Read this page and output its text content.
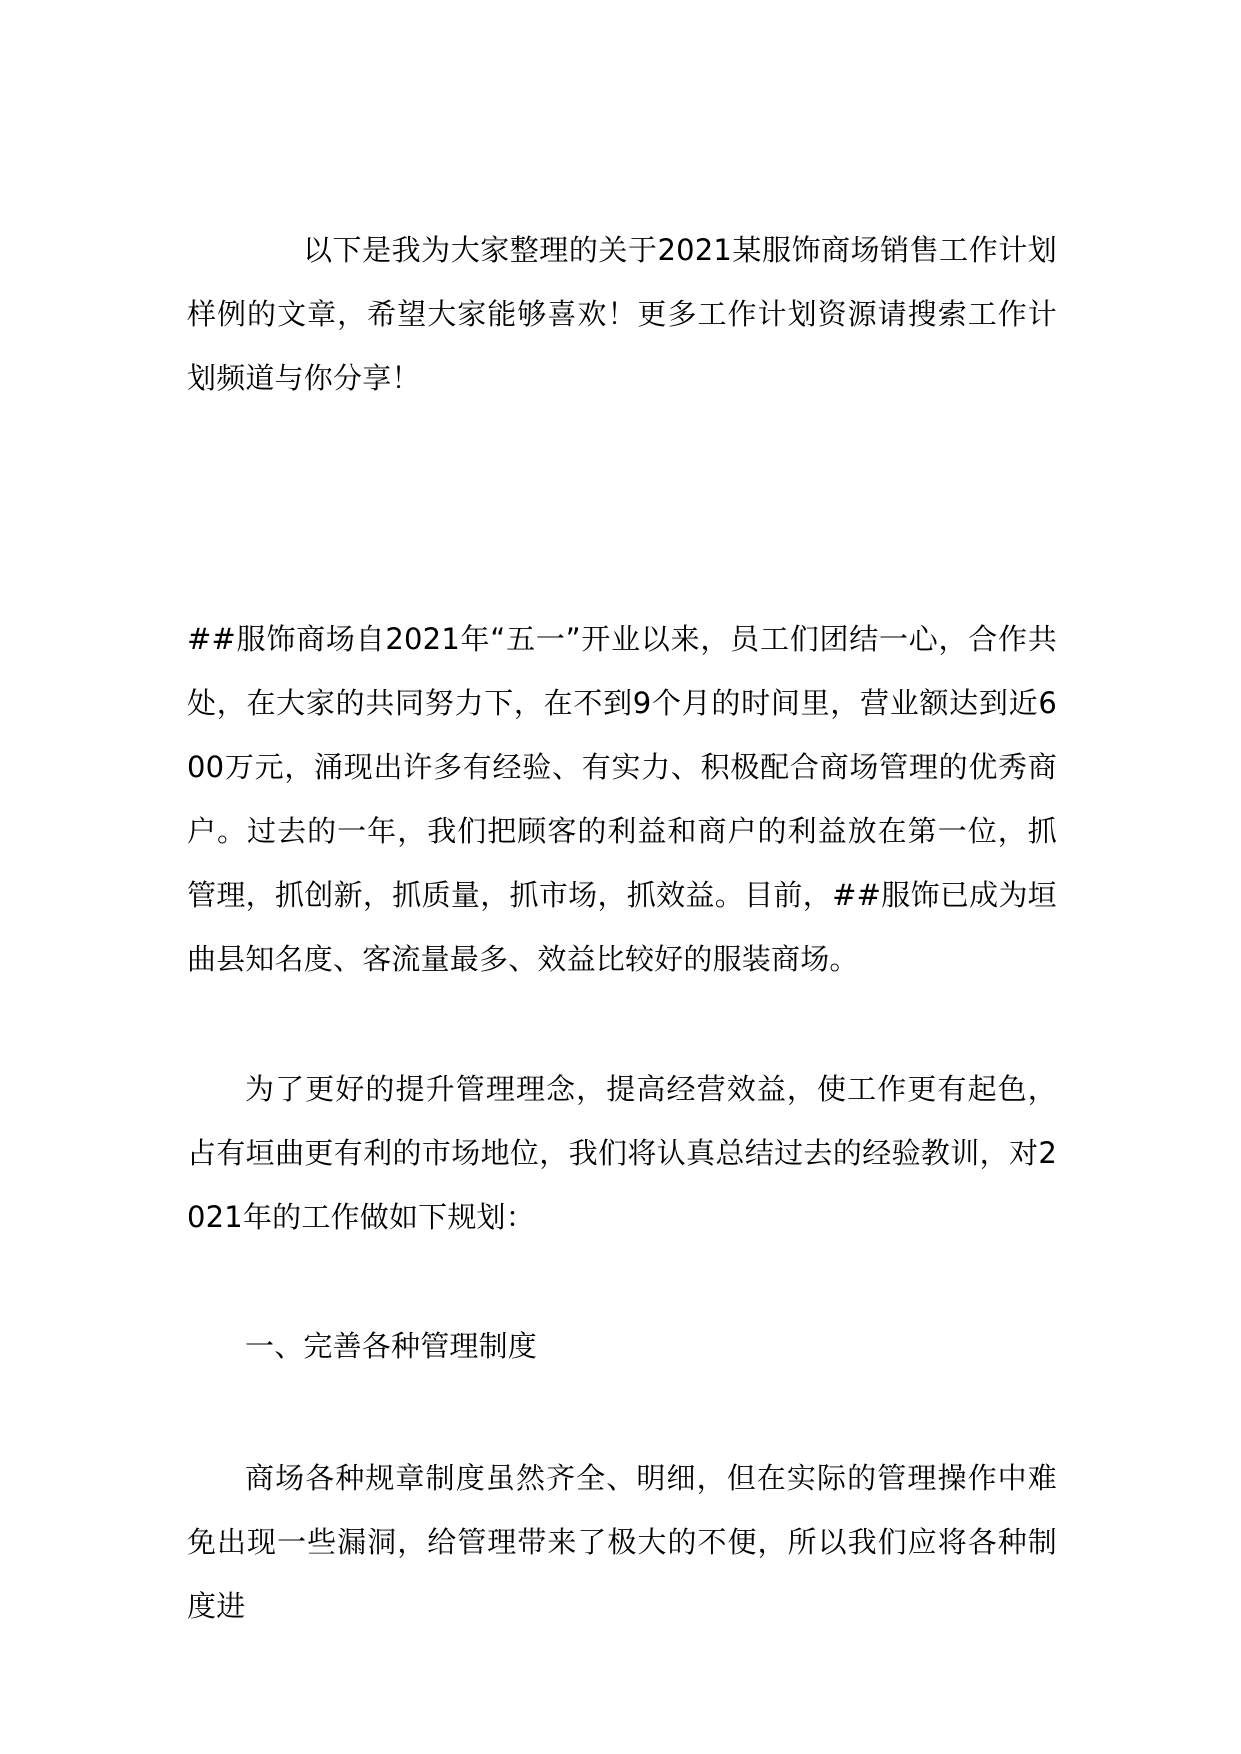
以下是我为大家整理的关于2021某服饰商场销售工作计划样例的文章，希望大家能够喜欢！更多工作计划资源请搜索工作计划频道与你分享！

##服饰商场自2021年“五一”开业以来，员工们团结一心，合作共处，在大家的共同努力下，在不到9个月的时间里，营业额达到近600万元，涌现出许多有经验、有实力、积极配合商场管理的优秀商户。过去的一年，我们把顾客的利益和商户的利益放在第一位，抓管理，抓创新，抓质量，抓市场，抓效益。目前，##服饰已成为垣曲县知名度、客流量最多、效益比较好的服装商场。

为了更好的提升管理理念，提高经营效益，使工作更有起色，占有垣曲更有利的市场地位，我们将认真总结过去的经验教训，对2021年的工作做如下规划：

一、完善各种管理制度

商场各种规章制度虽然齐全、明细，但在实际的管理操作中难免出现一些漏洞，给管理带来了极大的不便，所以我们应将各种制度进
